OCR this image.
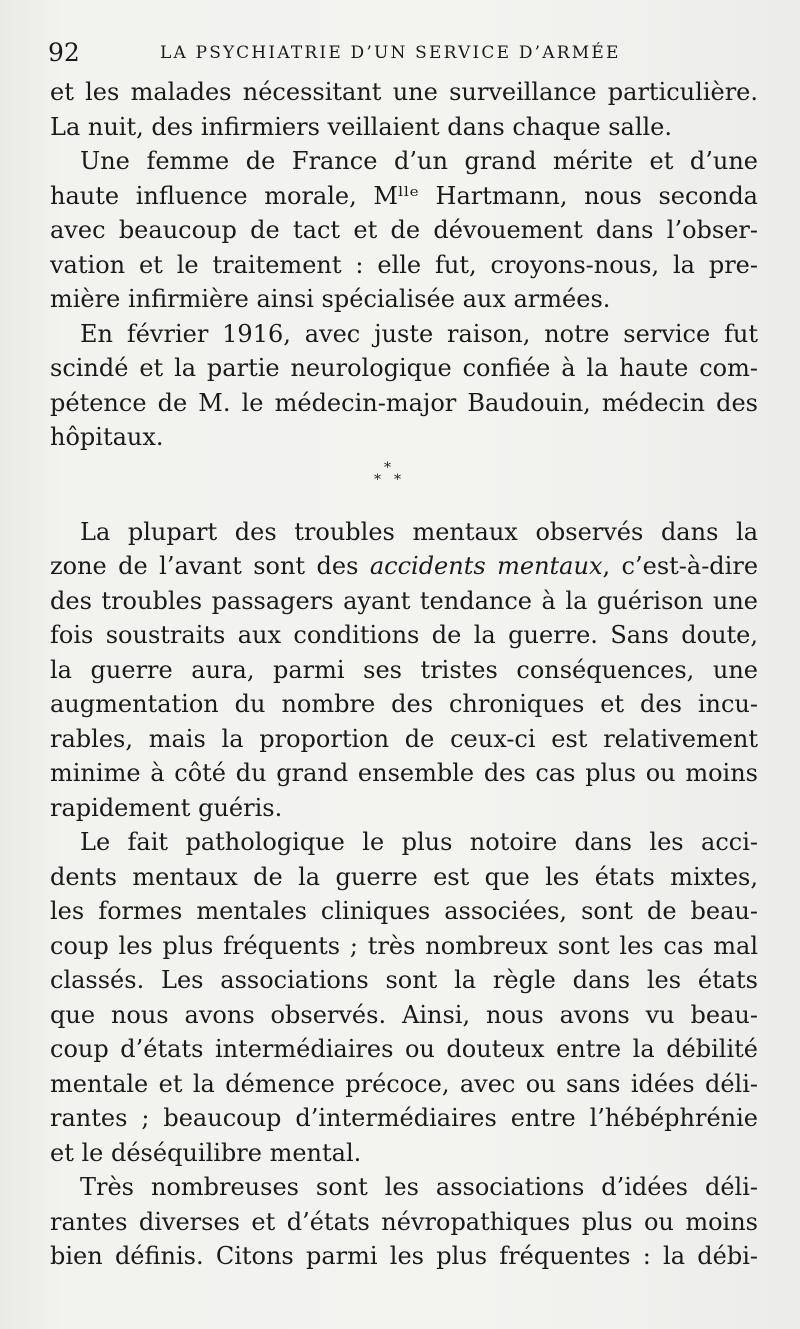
92	LA PSYCHIATRIE D’UN SERVICE D’ARMÉE
et les malades nécessitant une surveillance particulière.
La nuit, des infirmiers veillaient dans chaque salle.
Une femme de France d’un grand mérite et d’une
haute influence morale, Mˡˡᵉ Hartmann, nous seconda
avec beaucoup de tact et de dévouement dans l’obser-
vation et le traitement : elle fut, croyons-nous, la pre-
mière infirmière ainsi spécialisée aux armées.
En février 1916, avec juste raison, notre service fut
scindé et la partie neurologique confiée à la haute com-
pétence de M. le médecin-major Baudouin, médecin des
hôpitaux.
*
* *
La plupart des troubles mentaux observés dans la
zone de l’avant sont des accidents mentaux, c’est-à-dire
des troubles passagers ayant tendance à la guérison une
fois soustraits aux conditions de la guerre. Sans doute,
la guerre aura, parmi ses tristes conséquences, une
augmentation du nombre des chroniques et des incu-
rables, mais la proportion de ceux-ci est relativement
minime à côté du grand ensemble des cas plus ou moins
rapidement guéris.
Le fait pathologique le plus notoire dans les acci-
dents mentaux de la guerre est que les états mixtes,
les formes mentales cliniques associées, sont de beau-
coup les plus fréquents ; très nombreux sont les cas mal
classés. Les associations sont la règle dans les états
que nous avons observés. Ainsi, nous avons vu beau-
coup d’états intermédiaires ou douteux entre la débilité
mentale et la démence précoce, avec ou sans idées déli-
rantes ; beaucoup d’intermédiaires entre l’hébéphrénie
et le déséquilibre mental.
Très nombreuses sont les associations d’idées déli-
rantes diverses et d’états névropathiques plus ou moins
bien définis. Citons parmi les plus fréquentes : la débi-
